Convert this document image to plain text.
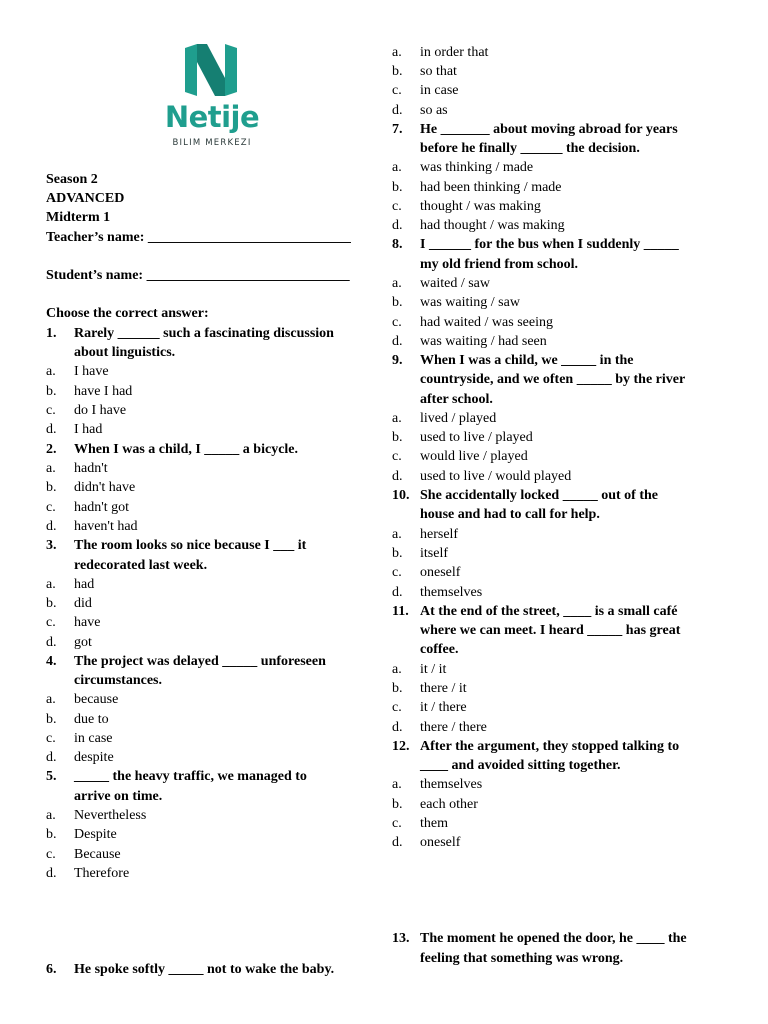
Netije
BILIM MERKEZI
Season 2
ADVANCED
Midterm 1
Teacher’s name: _____________________________
Student’s name: _____________________________
Choose the correct answer:
1. Rarely ______ such a fascinating discussion
about linguistics.
a. I have
b. have I had
c. do I have
d. I had
2. When I was a child, I _____ a bicycle.
a. hadn't
b. didn't have
c. hadn't got
d. haven't had
3. The room looks so nice because I ___ it
redecorated last week.
a. had
b. did
c. have
d. got
4. The project was delayed _____ unforeseen
circumstances.
a. because
b. due to
c. in case
d. despite
5. _____ the heavy traffic, we managed to
arrive on time.
a. Nevertheless
b. Despite
c. Because
d. Therefore
6. He spoke softly _____ not to wake the baby.
a. in order that
b. so that
c. in case
d. so as
7. He _______ about moving abroad for years
before he finally ______ the decision.
a. was thinking / made
b. had been thinking / made
c. thought / was making
d. had thought / was making
8. I ______ for the bus when I suddenly _____
my old friend from school.
a. waited / saw
b. was waiting / saw
c. had waited / was seeing
d. was waiting / had seen
9. When I was a child, we _____ in the
countryside, and we often _____ by the river
after school.
a. lived / played
b. used to live / played
c. would live / played
d. used to live / would played
10. She accidentally locked _____ out of the
house and had to call for help.
a. herself
b. itself
c. oneself
d. themselves
11. At the end of the street, ____ is a small café
where we can meet. I heard _____ has great
coffee.
a. it / it
b. there / it
c. it / there
d. there / there
12. After the argument, they stopped talking to
____ and avoided sitting together.
a. themselves
b. each other
c. them
d. oneself
13. The moment he opened the door, he ____ the
feeling that something was wrong.
